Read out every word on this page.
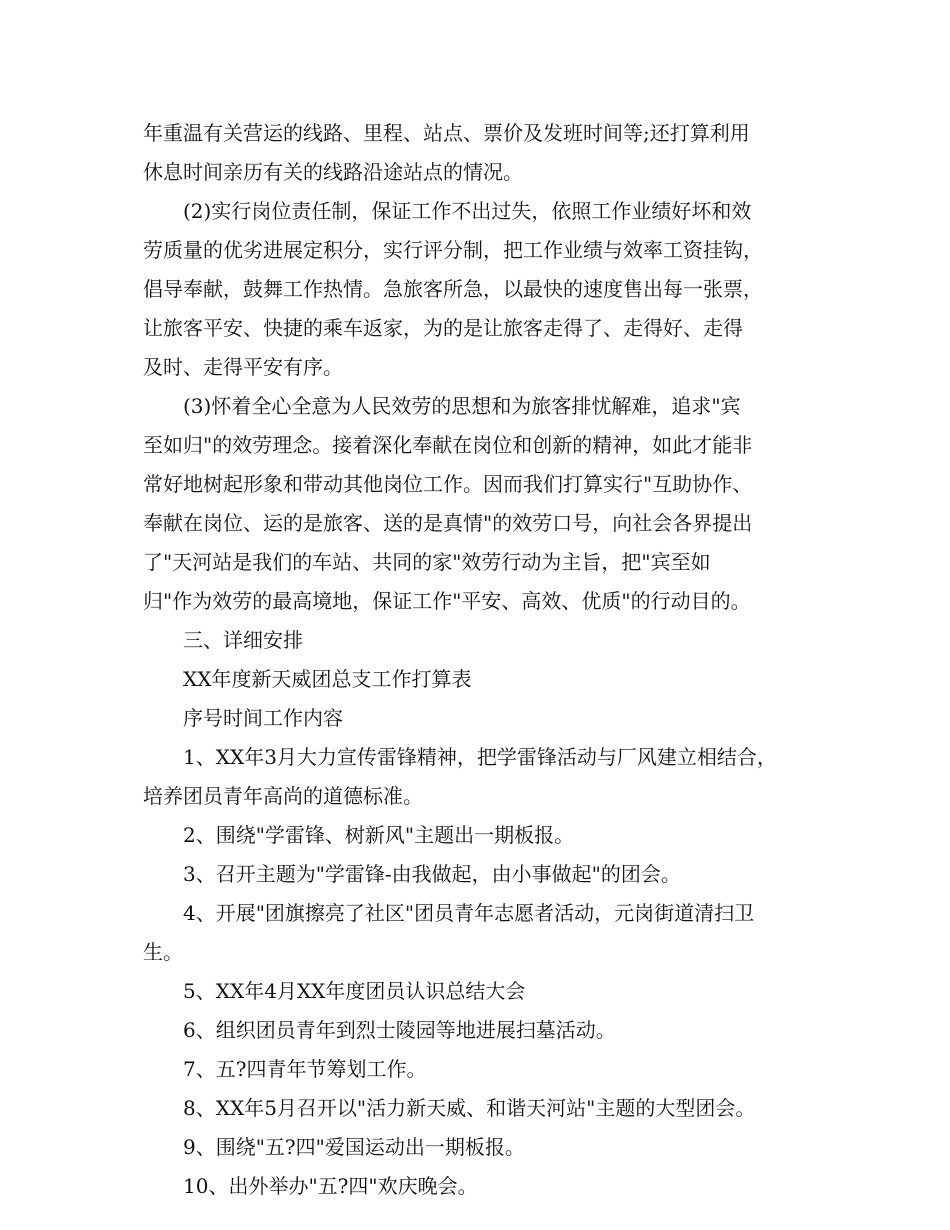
年重温有关营运的线路、里程、站点、票价及发班时间等;还打算利用

休息时间亲历有关的线路沿途站点的情况。

(2)实行岗位责任制，保证工作不出过失，依照工作业绩好坏和效

劳质量的优劣进展定积分，实行评分制，把工作业绩与效率工资挂钩，

倡导奉献，鼓舞工作热情。急旅客所急，以最快的速度售出每一张票，

让旅客平安、快捷的乘车返家，为的是让旅客走得了、走得好、走得

及时、走得平安有序。

(3)怀着全心全意为人民效劳的思想和为旅客排忧解难，追求"宾

至如归"的效劳理念。接着深化奉献在岗位和创新的精神，如此才能非

常好地树起形象和带动其他岗位工作。因而我们打算实行"互助协作、

奉献在岗位、运的是旅客、送的是真情"的效劳口号，向社会各界提出

了"天河站是我们的车站、共同的家"效劳行动为主旨，把"宾至如

归"作为效劳的最高境地，保证工作"平安、高效、优质"的行动目的。

三、详细安排

XX年度新天威团总支工作打算表

序号时间工作内容

1、XX年3月大力宣传雷锋精神，把学雷锋活动与厂风建立相结合，

培养团员青年高尚的道德标准。

2、围绕"学雷锋、树新风"主题出一期板报。

3、召开主题为"学雷锋-由我做起，由小事做起"的团会。

4、开展"团旗擦亮了社区"团员青年志愿者活动，元岗街道清扫卫

生。

5、XX年4月XX年度团员认识总结大会

6、组织团员青年到烈士陵园等地进展扫墓活动。

7、五?四青年节筹划工作。

8、XX年5月召开以"活力新天威、和谐天河站"主题的大型团会。

9、围绕"五?四"爱国运动出一期板报。

10、出外举办"五?四"欢庆晚会。
